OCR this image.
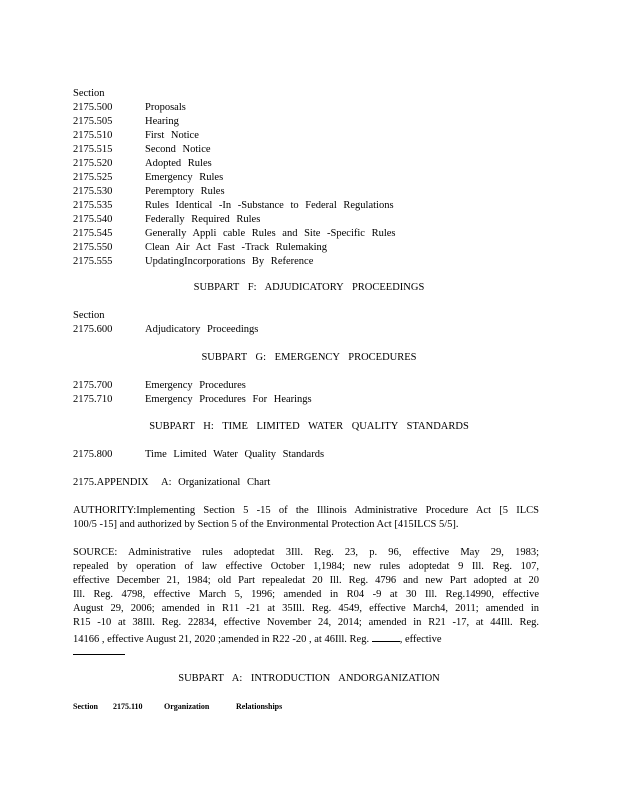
Section
2175.500	Proposals
2175.505	Hearing
2175.510	First Notice
2175.515	Second Notice
2175.520	Adopted Rules
2175.525	Emergency Rules
2175.530	Peremptory Rules
2175.535	Rules Identical -In -Substance to Federal Regulations
2175.540	Federally Required Rules
2175.545	Generally Appli cable Rules and Site -Specific Rules
2175.550	Clean Air Act Fast -Track Rulemaking
2175.555	UpdatingIncorporations By Reference
SUBPART F: ADJUDICATORY PROCEEDINGS
Section
2175.600	Adjudicatory Proceedings
SUBPART G: EMERGENCY PROCEDURES
2175.700	Emergency Procedures
2175.710	Emergency Procedures For Hearings
SUBPART H: TIME LIMITED WATER QUALITY STANDARDS
2175.800	Time Limited Water Quality Standards
2175.APPENDIX A: Organizational Chart
AUTHORITY:Implementing Section 5 -15 of the Illinois Administrative Procedure Act [5 ILCS
100/5 -15] and authorized by Section 5 of the Environmental Protection Act [415ILCS 5/5].
SOURCE: Administrative rules adoptedat 3Ill. Reg. 23, p. 96, effective May 29, 1983;
repealed by operation of law effective October 1,1984; new rules adoptedat 9 Ill. Reg. 107,
effective December 21, 1984; old Part repealedat 20 Ill. Reg. 4796 and new Part adopted at 20
Ill. Reg. 4798, effective March 5, 1996; amended in R04 -9 at 30 Ill. Reg.14990, effective
August 29, 2006; amended in R11 -21 at 35Ill. Reg. 4549, effective March4, 2011; amended in
R15 -10 at 38Ill. Reg. 22834, effective November 24, 2014; amended in R21 -17, at 44Ill. Reg.
14166 , effective August 21, 2020 ;amended in R22 -20 , at 46Ill. Reg.	, effective
SUBPART A: INTRODUCTION ANDORGANIZATION
Section 2175.110	Organization	Relationships
